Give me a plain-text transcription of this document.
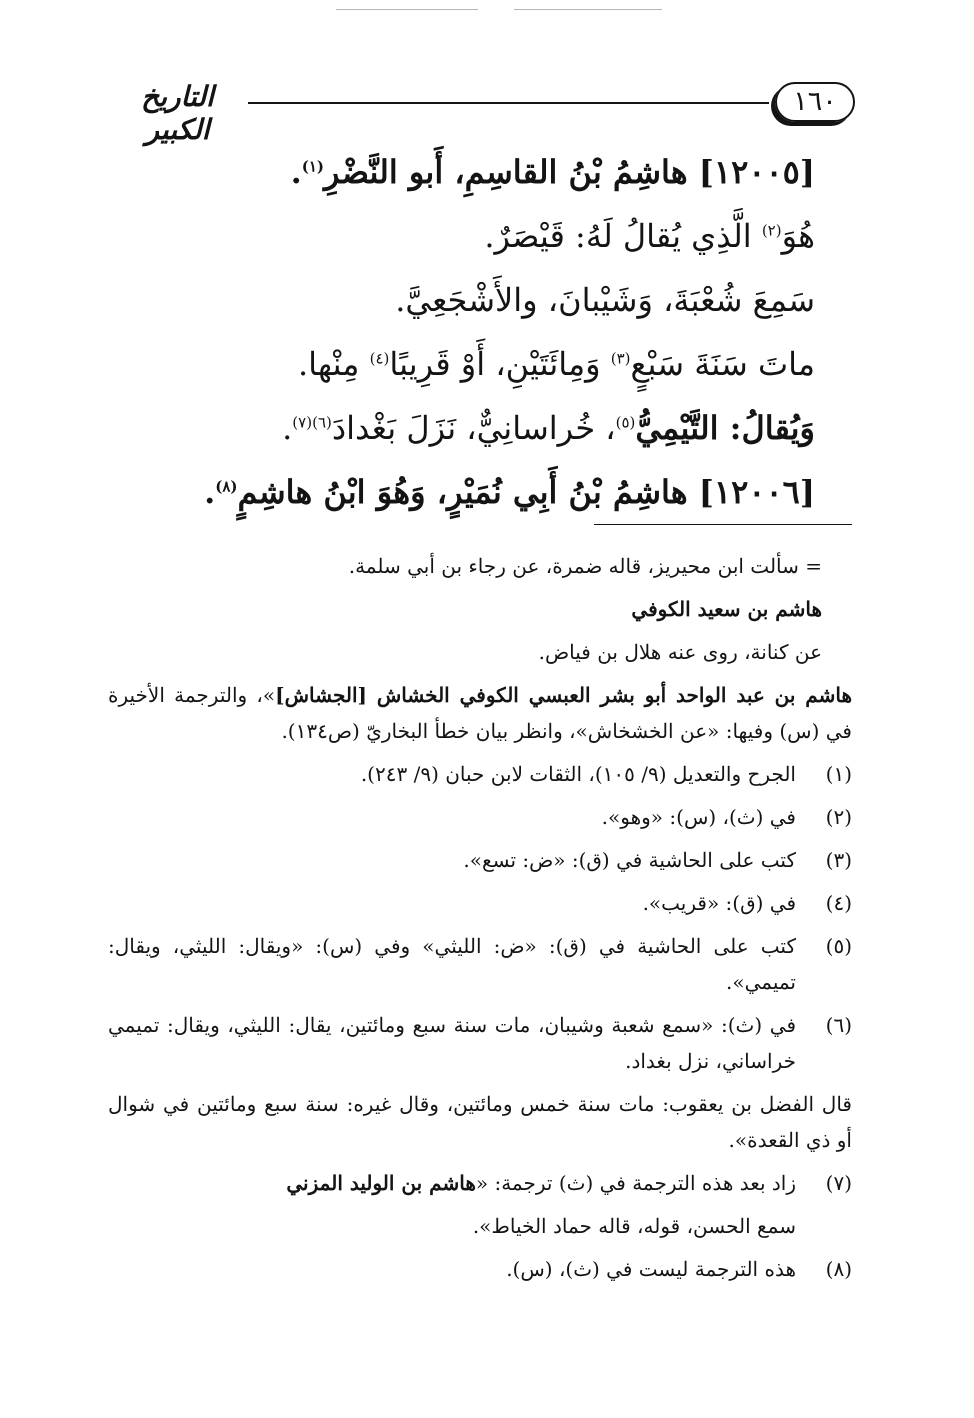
١٦٠
التاريخ الكبير
[١٢٠٠٥] هاشِمُ بْنُ القاسِمِ، أَبو النَّضْرِ$^{(١)}$.
هُوَ$^{(٢)}$ الَّذِي يُقالُ لَهُ: قَيْصَرٌ.
سَمِعَ شُعْبَةَ، وَشَيْبانَ، والأَشْجَعِيَّ.
ماتَ سَنَةَ سَبْعٍ$^{(٣)}$ وَمِائَتَيْنِ، أَوْ قَرِيبًا$^{(٤)}$ مِنْها.
وَيُقالُ: التَّيْمِيُّ$^{(٥)}$، خُراسانِيٌّ، نَزَلَ بَغْدادَ$^{(٦)(٧)}$.
[١٢٠٠٦] هاشِمُ بْنُ أَبِي نُمَيْرٍ، وَهُوَ ابْنُ هاشِمٍ$^{(٨)}$.
= سألت ابن محيريز، قاله ضمرة، عن رجاء بن أبي سلمة.
هاشم بن سعيد الكوفي
عن كنانة، روى عنه هلال بن فياض.
هاشم بن عبد الواحد أبو بشر العبسي الكوفي الخشاش [الجشاش]»، والترجمة الأخيرة في (س) وفيها: «عن الخشخاش»، وانظر بيان خطأ البخاريّ (ص١٣٤).
(١)
الجرح والتعديل (٩/ ١٠٥)، الثقات لابن حبان (٩/ ٢٤٣).
(٢)
في (ث)، (س): «وهو».
(٣)
كتب على الحاشية في (ق): «ض: تسع».
(٤)
في (ق): «قريب».
(٥)
كتب على الحاشية في (ق): «ض: الليثي» وفي (س): «ويقال: الليثي، ويقال: تميمي».
(٦)
في (ث): «سمع شعبة وشيبان، مات سنة سبع ومائتين، يقال: الليثي، ويقال: تميمي خراساني، نزل بغداد.
قال الفضل بن يعقوب: مات سنة خمس ومائتين، وقال غيره: سنة سبع ومائتين في شوال أو ذي القعدة».
(٧)
زاد بعد هذه الترجمة في (ث) ترجمة: «هاشم بن الوليد المزني
سمع الحسن، قوله، قاله حماد الخياط».
(٨)
هذه الترجمة ليست في (ث)، (س).
